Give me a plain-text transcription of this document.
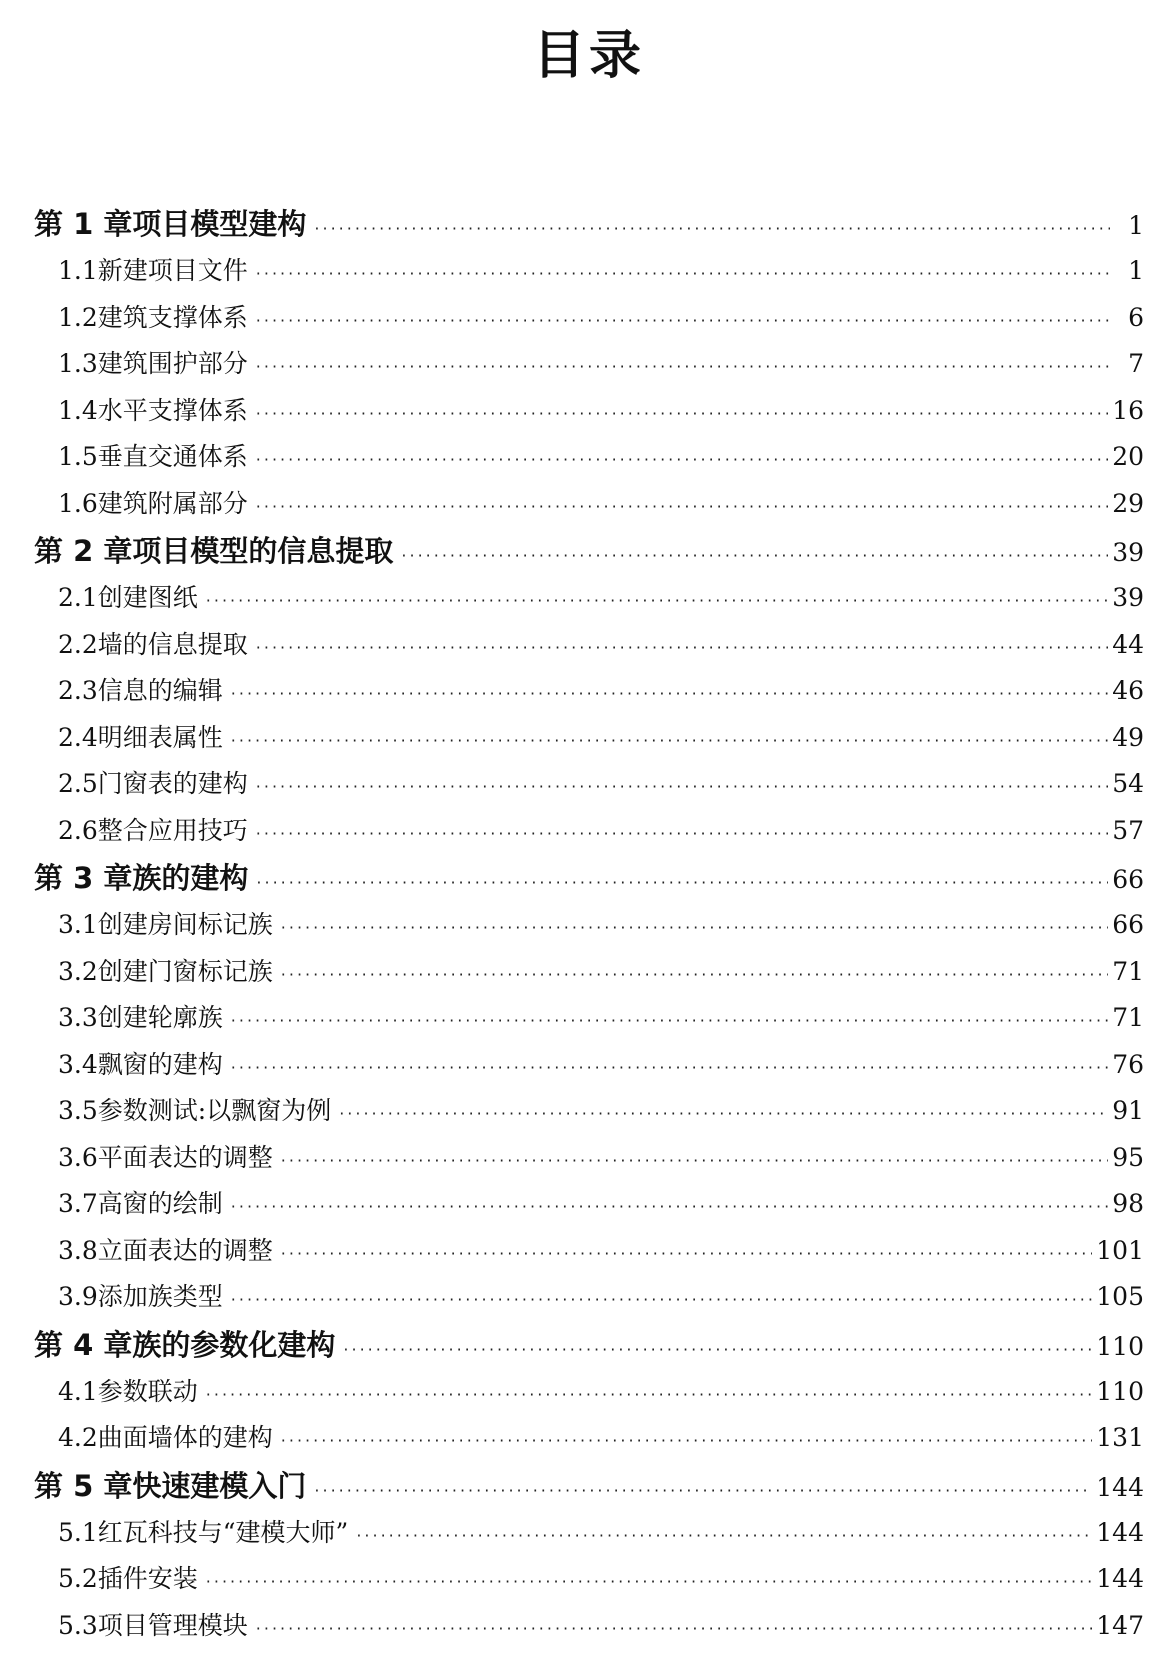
目录
第 1 章 项目模型建构 ·····	1
1.1 新建项目文件 ·····	1
1.2 建筑支撑体系 ·····	6
1.3 建筑围护部分 ·····	7
1.4 水平支撑体系 ·····	16
1.5 垂直交通体系 ·····	20
1.6 建筑附属部分 ·····	29
第 2 章 项目模型的信息提取 ·····	39
2.1 创建图纸 ·····	39
2.2 墙的信息提取 ·····	44
2.3 信息的编辑 ·····	46
2.4 明细表属性 ·····	49
2.5 门窗表的建构 ·····	54
2.6 整合应用技巧 ·····	57
第 3 章 族的建构 ·····	66
3.1 创建房间标记族 ·····	66
3.2 创建门窗标记族 ·····	71
3.3 创建轮廓族 ·····	71
3.4 飘窗的建构 ·····	76
3.5 参数测试:以飘窗为例 ·····	91
3.6 平面表达的调整 ·····	95
3.7 高窗的绘制 ·····	98
3.8 立面表达的调整 ·····	101
3.9 添加族类型 ·····	105
第 4 章 族的参数化建构 ·····	110
4.1 参数联动 ·····	110
4.2 曲面墙体的建构 ·····	131
第 5 章 快速建模入门 ·····	144
5.1 红瓦科技与“建模大师” ·····	144
5.2 插件安装 ·····	144
5.3 项目管理模块 ·····	147
